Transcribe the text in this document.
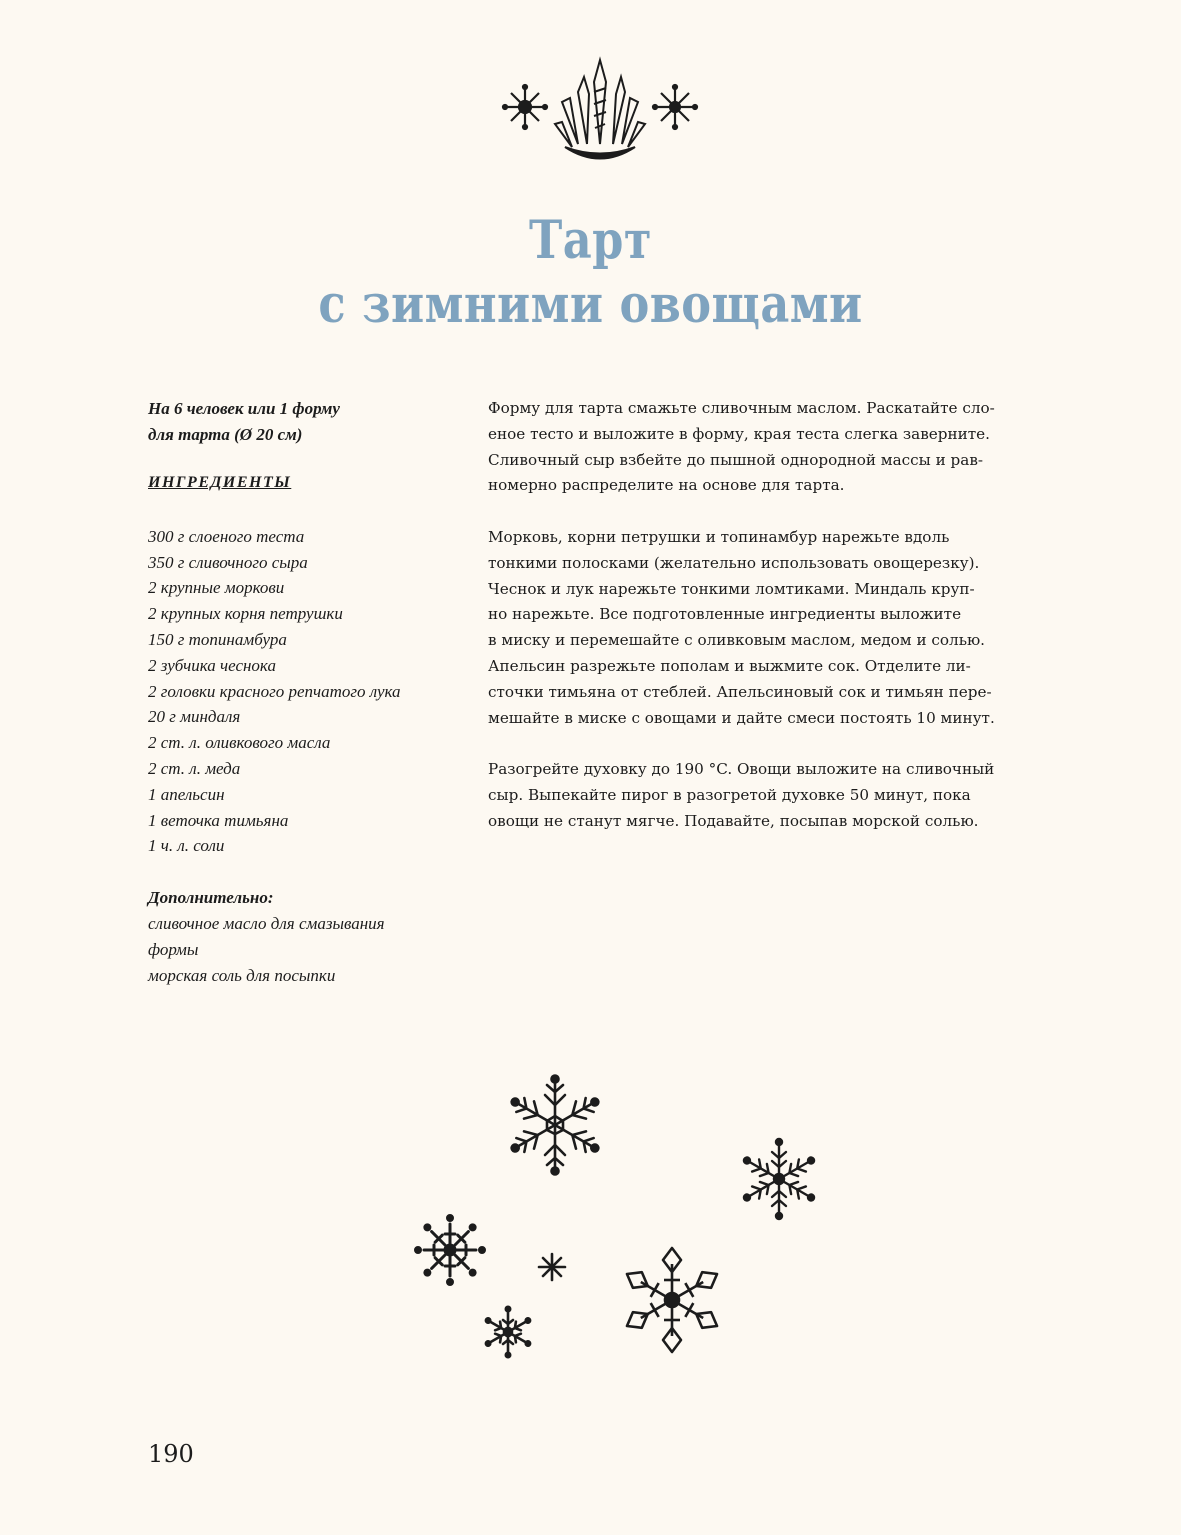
Тарт
с зимними овощами
На 6 человек или 1 форму
для тарта (Ø 20 см)
ИНГРЕДИЕНТЫ
300 г слоеного теста
350 г сливочного сыра
2 крупные моркови
2 крупных корня петрушки
150 г топинамбура
2 зубчика чеснока
2 головки красного репчатого лука
20 г миндаля
2 ст. л. оливкового масла
2 ст. л. меда
1 апельсин
1 веточка тимьяна
1 ч. л. соли
Дополнительно:
сливочное масло для смазывания
формы
морская соль для посыпки

Форму для тарта смажьте сливочным маслом. Раскатайте сло-
еное тесто и выложите в форму, края теста слегка заверните.
Сливочный сыр взбейте до пышной однородной массы и рав-
номерно распределите на основе для тарта.

Морковь, корни петрушки и топинамбур нарежьте вдоль
тонкими полосками (желательно использовать овощерезку).
Чеснок и лук нарежьте тонкими ломтиками. Миндаль круп-
но нарежьте. Все подготовленные ингредиенты выложите
в миску и перемешайте с оливковым маслом, медом и солью.
Апельсин разрежьте пополам и выжмите сок. Отделите ли-
сточки тимьяна от стеблей. Апельсиновый сок и тимьян пере-
мешайте в миске с овощами и дайте смеси постоять 10 минут.

Разогрейте духовку до 190 °C. Овощи выложите на сливочный
сыр. Выпекайте пирог в разогретой духовке 50 минут, пока
овощи не станут мягче. Подавайте, посыпав морской солью.

190
